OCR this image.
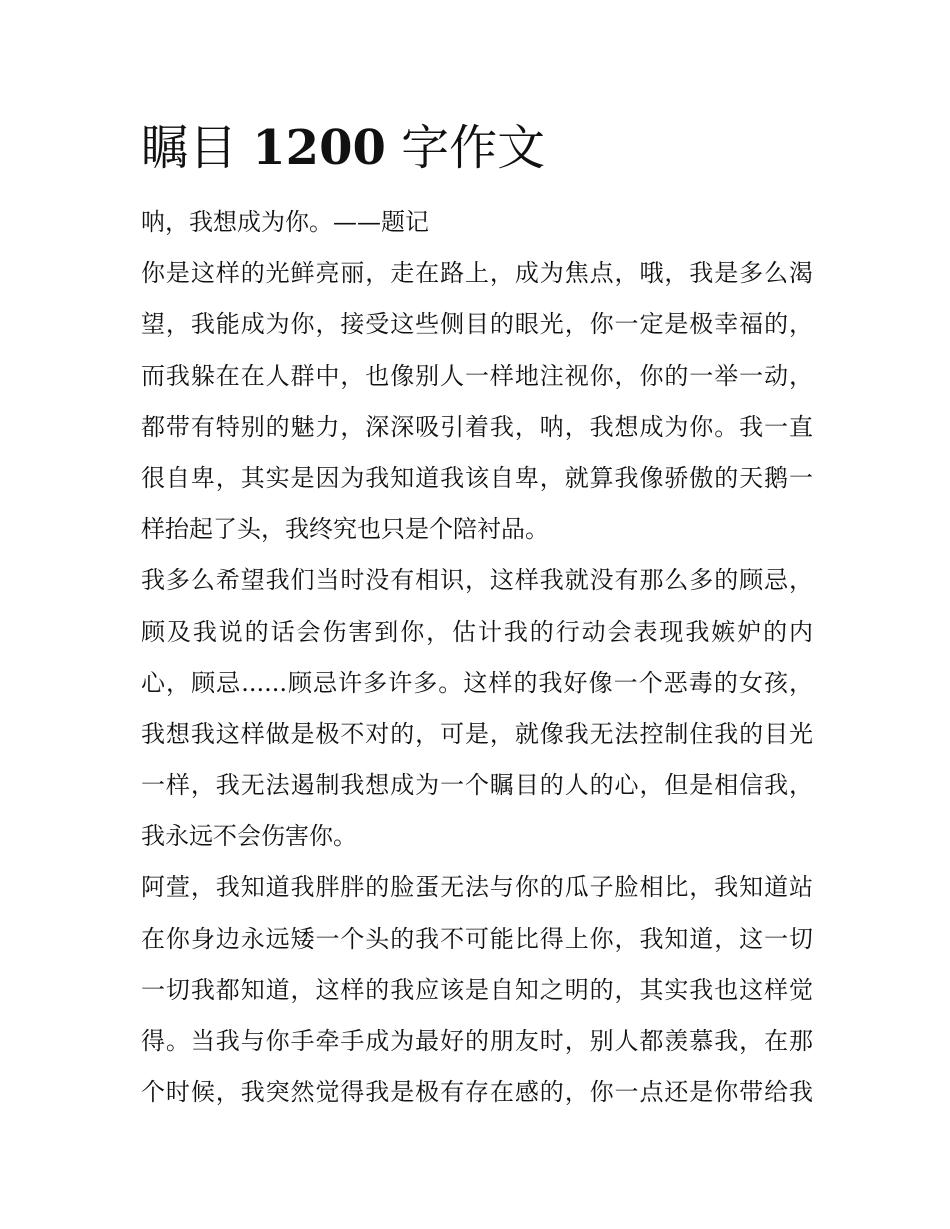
瞩目 1200 字作文

呐，我想成为你。——题记

你是这样的光鲜亮丽，走在路上，成为焦点，哦，我是多么渴
望，我能成为你，接受这些侧目的眼光，你一定是极幸福的，
而我躲在在人群中，也像别人一样地注视你，你的一举一动，
都带有特别的魅力，深深吸引着我，呐，我想成为你。我一直
很自卑，其实是因为我知道我该自卑，就算我像骄傲的天鹅一
样抬起了头，我终究也只是个陪衬品。

我多么希望我们当时没有相识，这样我就没有那么多的顾忌，
顾及我说的话会伤害到你，估计我的行动会表现我嫉妒的内
心，顾忌......顾忌许多许多。这样的我好像一个恶毒的女孩，
我想我这样做是极不对的，可是，就像我无法控制住我的目光
一样，我无法遏制我想成为一个瞩目的人的心，但是相信我，
我永远不会伤害你。

阿萱，我知道我胖胖的脸蛋无法与你的瓜子脸相比，我知道站
在你身边永远矮一个头的我不可能比得上你，我知道，这一切
一切我都知道，这样的我应该是自知之明的，其实我也这样觉
得。当我与你手牵手成为最好的朋友时，别人都羡慕我，在那
个时候，我突然觉得我是极有存在感的，你一点还是你带给我
